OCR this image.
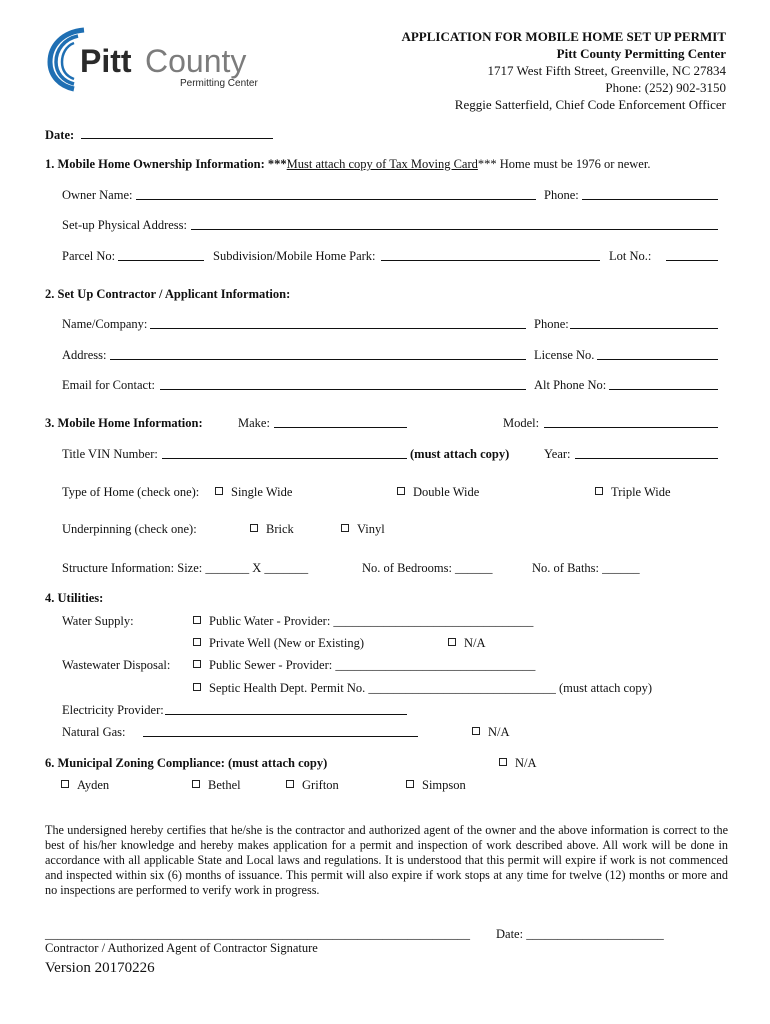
Pitt County
Permitting Center
APPLICATION FOR MOBILE HOME SET UP PERMIT
Pitt County Permitting Center
1717 West Fifth Street, Greenville, NC 27834
Phone: (252) 902-3150
Reggie Satterfield, Chief Code Enforcement Officer
Date:
1. Mobile Home Ownership Information: ***Must attach copy of Tax Moving Card*** Home must be 1976 or newer.
Owner Name:	Phone:
Set-up Physical Address:
Parcel No:	Subdivision/Mobile Home Park:	Lot No.:
2. Set Up Contractor / Applicant Information:
Name/Company:	Phone:
Address:	License No.
Email for Contact:	Alt Phone No:
3. Mobile Home Information:	Make:	Model:
Title VIN Number:	(must attach copy)	Year:
Type of Home (check one):	Single Wide	Double Wide	Triple Wide
Underpinning (check one):	Brick	Vinyl
Structure Information: Size: _______ X _______	No. of Bedrooms: ______	No. of Baths: ______
4. Utilities:
Water Supply:	Public Water - Provider: ________________________________
Private Well (New or Existing)	N/A
Wastewater Disposal:	Public Sewer - Provider: ________________________________
Septic Health Dept. Permit No. ______________________________ (must attach copy)
Electricity Provider:
Natural Gas:	N/A
6. Municipal Zoning Compliance: (must attach copy)	N/A
Ayden	Bethel	Grifton	Simpson
The undersigned hereby certifies that he/she is the contractor and authorized agent of the owner and the above information is correct to the best of his/her knowledge and hereby makes application for a permit and inspection of work described above. All work will be done in accordance with all applicable State and Local laws and regulations. It is understood that this permit will expire if work is not commenced and inspected within six (6) months of issuance. This permit will also expire if work stops at any time for twelve (12) months or more and no inspections are performed to verify work in progress.
____________________________________________________________________ Date: ______________________
Contractor / Authorized Agent of Contractor Signature
Version 20170226
